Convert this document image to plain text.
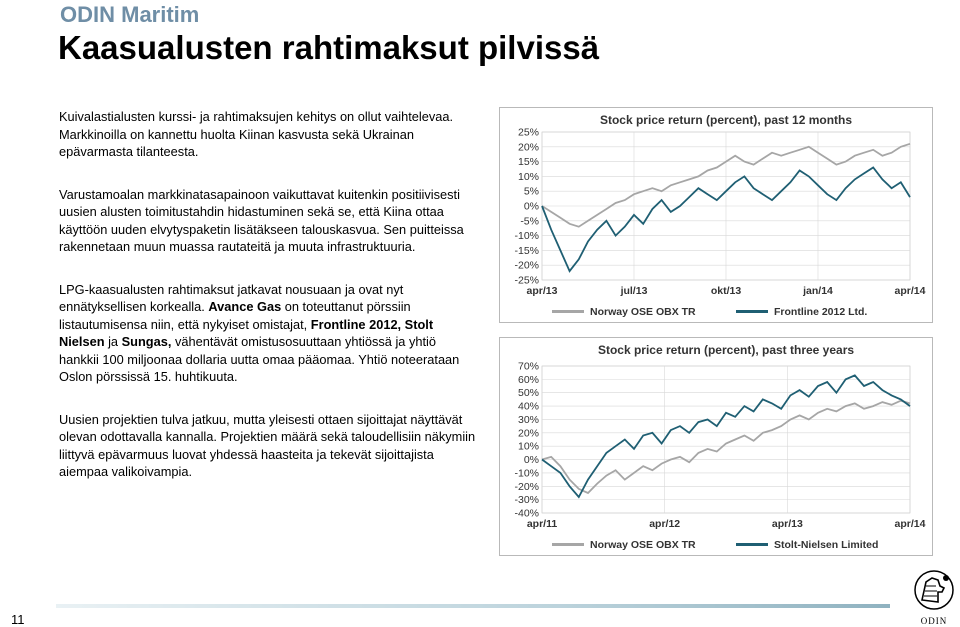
ODIN Maritim
Kaasualusten rahtimaksut pilvissä

Kuivalastialusten kurssi- ja rahtimaksujen kehitys on ollut vaihtelevaa. Markkinoilla on kannettu huolta Kiinan kasvusta sekä Ukrainan epävarmasta tilanteesta.

Varustamoalan markkinatasapainoon vaikuttavat kuitenkin positiivisesti uusien alusten toimitustahdin hidastuminen sekä se, että Kiina ottaa käyttöön uuden elvytyspaketin lisätäkseen talouskasvua. Sen puitteissa rakennetaan muun muassa rautateitä ja muuta infrastruktuuria.

LPG-kaasualusten rahtimaksut jatkavat nousuaan ja ovat nyt ennätyksellisen korkealla. Avance Gas on toteuttanut pörssiin listautumisensa niin, että nykyiset omistajat, Frontline 2012, Stolt Nielsen ja Sungas, vähentävät omistusosuuttaan yhtiössä ja yhtiö hankkii 100 miljoonaa dollaria uutta omaa pääomaa. Yhtiö noteerataan Oslon pörssissä 15. huhtikuuta.

Uusien projektien tulva jatkuu, mutta yleisesti ottaen sijoittajat näyttävät olevan odottavalla kannalla. Projektien määrä sekä taloudellisiin näkymiin liittyvä epävarmuus luovat yhdessä haasteita ja tekevät sijoittajista aiempaa valikoivampia.

Stock price return (percent), past 12 months
25%
20%
15%
10%
5%
0%
-5%
-10%
-15%
-20%
-25%
apr/13	jul/13	okt/13	jan/14	apr/14
Norway OSE OBX TR	Frontline 2012 Ltd.
Stock price return (percent), past three years
70%
60%
50%
40%
30%
20%
10%
0%
-10%
-20%
-30%
-40%
apr/11	apr/12	apr/13	apr/14
Norway OSE OBX TR	Stolt-Nielsen Limited
11	ODIN
